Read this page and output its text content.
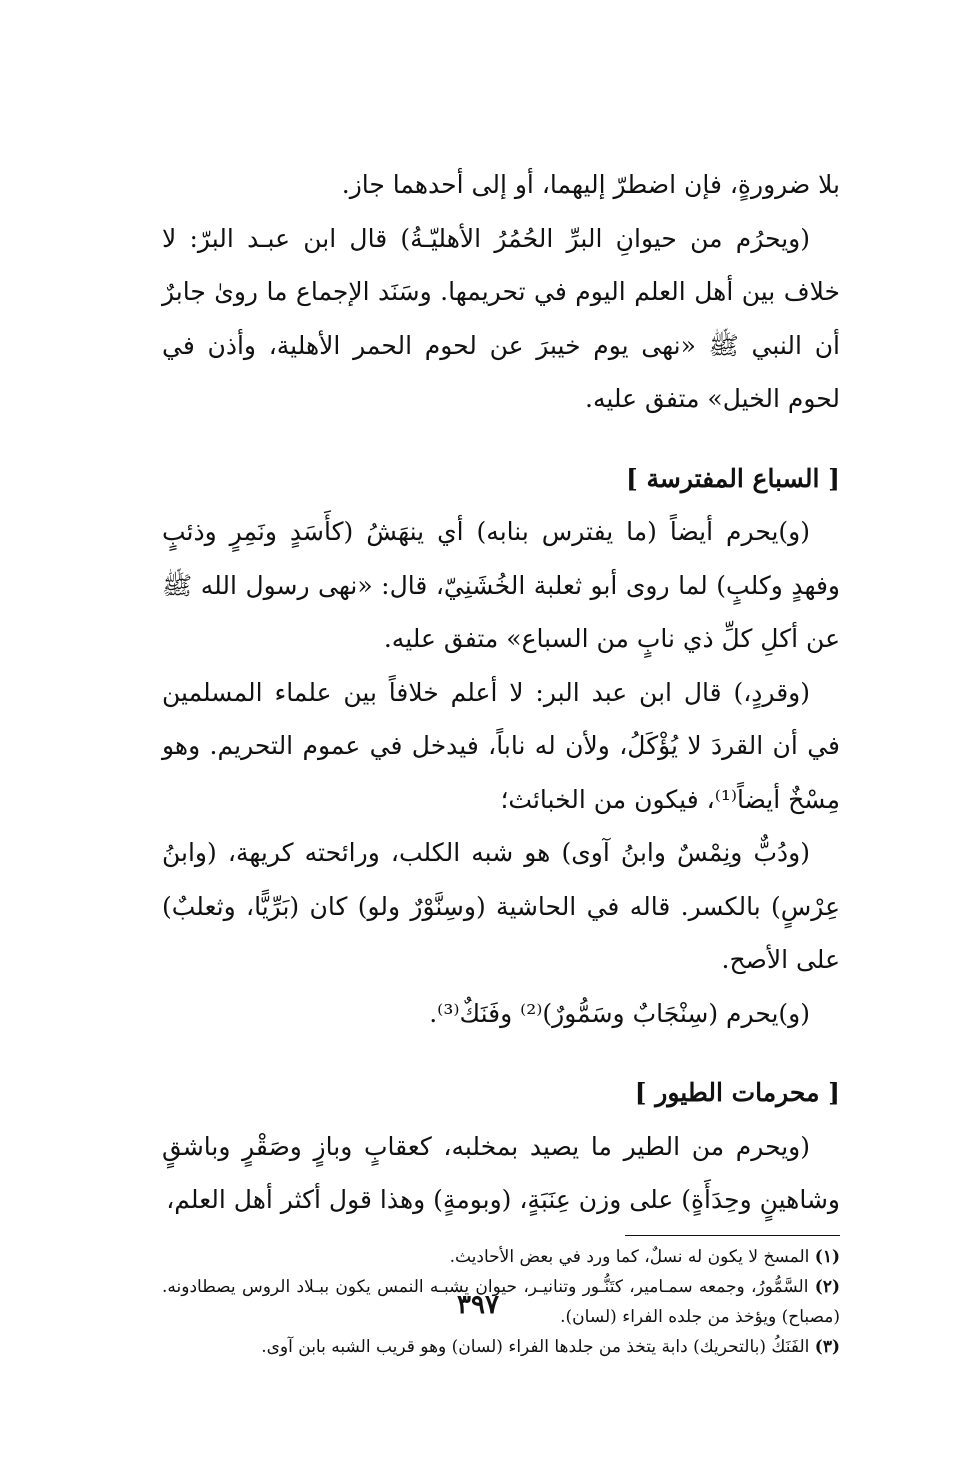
بلا ضرورةٍ، فإن اضطرّ إليهما، أو إلى أحدهما جاز.

(ويحرُم من حيوانِ البرِّ الحُمُرُ الأهليّـةُ) قال ابن عبـد البرّ: لا خلاف بين أهل العلم اليوم في تحريمها. وسَنَد الإجماع ما روىٰ جابرٌ أن النبي ﷺ «نهى يوم خيبرَ عن لحوم الحمر الأهلية، وأذن في لحوم الخيل» متفق عليه.

[ السباع المفترسة ]

(و)يحرم أيضاً (ما يفترس بنابه) أي ينهَشُ (كأَسَدٍ ونَمِرٍ وذئبٍ وفهدٍ وكلبٍ) لما روى أبو ثعلبة الخُشَنِيّ، قال: «نهى رسول الله ﷺ عن أكلِ كلِّ ذي نابٍ من السباع» متفق عليه.

(وقردٍ،) قال ابن عبد البر: لا أعلم خلافاً بين علماء المسلمين في أن القردَ لا يُؤْكَلُ، ولأن له ناباً، فيدخل في عموم التحريم. وهو مِسْخٌ أيضاً⁽¹⁾، فيكون من الخبائث؛

(ودُبٌّ ونِمْسٌ وابنُ آوى) هو شبه الكلب، ورائحته كريهة، (وابنُ عِرْسٍ) بالكسر. قاله في الحاشية (وسِنَّوْرٌ ولو) كان (بَرِّيًّا، وثعلبٌ) على الأصح.

(و)يحرم (سِنْجَابٌ وسَمُّورٌ)⁽²⁾ وفَنَكٌ⁽³⁾.

[ محرمات الطيور ]

(ويحرم من الطير ما يصيد بمخلبه، كعقابٍ وبازٍ وصَقْرٍ وباشقٍ وشاهينٍ وحِدَأَةٍ) على وزن عِنَبَةٍ، (وبومةٍ) وهذا قول أكثر أهل العلم،

(١) المسخ لا يكون له نسلٌ، كما ورد في بعض الأحاديث.

(٢) السَّمُّورُ، وجمعه سمـامير، كتَنُّـور وتنانيـر، حيوان يشبـه النمس يكون ببـلاد الروس يصطادونه. (مصباح) ويؤخذ من جلده الفراء (لسان).

(٣) الفَنَكُ (بالتحريك) دابة يتخذ من جلدها الفراء (لسان) وهو قريب الشبه بابن آوى.

٣٩٧
